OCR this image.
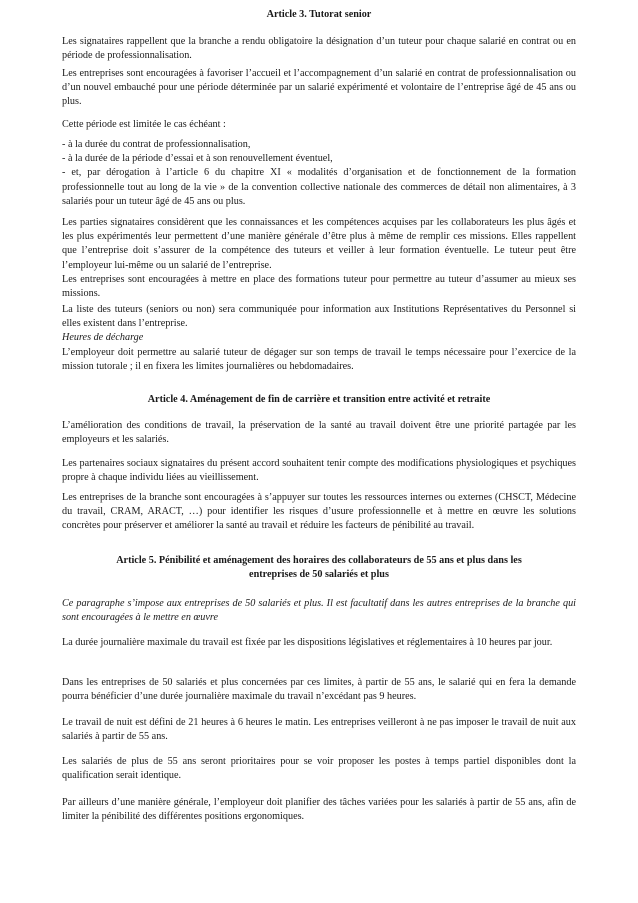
Article 3. Tutorat senior

Les signataires rappellent que la branche a rendu obligatoire la désignation d’un tuteur pour chaque salarié en contrat ou en période de professionnalisation.

Les entreprises sont encouragées à favoriser l’accueil et l’accompagnement d’un salarié en contrat de professionnalisation ou d’un nouvel embauché pour une période déterminée par un salarié expérimenté et volontaire de l’entreprise âgé de 45 ans ou plus.

Cette période est limitée le cas échéant :

- à la durée du contrat de professionnalisation,
- à la durée de la période d’essai et à son renouvellement éventuel,
- et, par dérogation à l’article 6 du chapitre XI « modalités d’organisation et de fonctionnement de la formation professionnelle tout au long de la vie » de la convention collective nationale des commerces de détail non alimentaires, à 3 salariés pour un tuteur âgé de 45 ans ou plus.
Les parties signataires considèrent que les connaissances et les compétences acquises par les collaborateurs les plus âgés et les plus expérimentés leur permettent d’une manière générale d’être plus à même de remplir ces missions. Elles rappellent que l’entreprise doit s’assurer de la compétence des tuteurs et veiller à leur formation éventuelle. Le tuteur peut être l’employeur lui-même ou un salarié de l’entreprise.
Les entreprises sont encouragées à mettre en place des formations tuteur pour permettre au tuteur d’assumer au mieux ses missions.
La liste des tuteurs (seniors ou non) sera communiquée pour information aux Institutions Représentatives du Personnel si elles existent dans l’entreprise.
Heures de décharge
L’employeur doit permettre au salarié tuteur de dégager sur son temps de travail le temps nécessaire pour l’exercice de la mission tutorale ; il en fixera les limites journalières ou hebdomadaires.
Article 4. Aménagement de fin de carrière et transition entre activité et retraite

L’amélioration des conditions de travail, la préservation de la santé au travail doivent être une priorité partagée par les employeurs et les salariés.

Les partenaires sociaux signataires du présent accord souhaitent tenir compte des modifications physiologiques et psychiques propre à chaque individu liées au vieillissement.

Les entreprises de la branche sont encouragées à s’appuyer sur toutes les ressources internes ou externes (CHSCT, Médecine du travail, CRAM, ARACT, …) pour identifier les risques d’usure professionnelle et à mettre en œuvre les solutions concrètes pour préserver et améliorer la santé au travail et réduire les facteurs de pénibilité au travail.

Article 5. Pénibilité et aménagement des horaires des collaborateurs de 55 ans et plus dans les
entreprises de 50 salariés et plus

Ce paragraphe s’impose aux entreprises de 50 salariés et plus. Il est facultatif dans les autres entreprises de la branche qui sont encouragées à le mettre en œuvre

La durée journalière maximale du travail est fixée par les dispositions législatives et réglementaires à 10 heures par jour.

Dans les entreprises de 50 salariés et plus concernées par ces limites, à partir de 55 ans, le salarié qui en fera la demande pourra bénéficier d’une durée journalière maximale du travail n’excédant pas 9 heures.

Le travail de nuit est défini de 21 heures à 6 heures le matin. Les entreprises veilleront à ne pas imposer le travail de nuit aux salariés à partir de 55 ans.

Les salariés de plus de 55 ans seront prioritaires pour se voir proposer les postes à temps partiel disponibles dont la qualification serait identique.

Par ailleurs d’une manière générale, l’employeur doit planifier des tâches variées pour les salariés à partir de 55 ans, afin de limiter la pénibilité des différentes positions ergonomiques.
